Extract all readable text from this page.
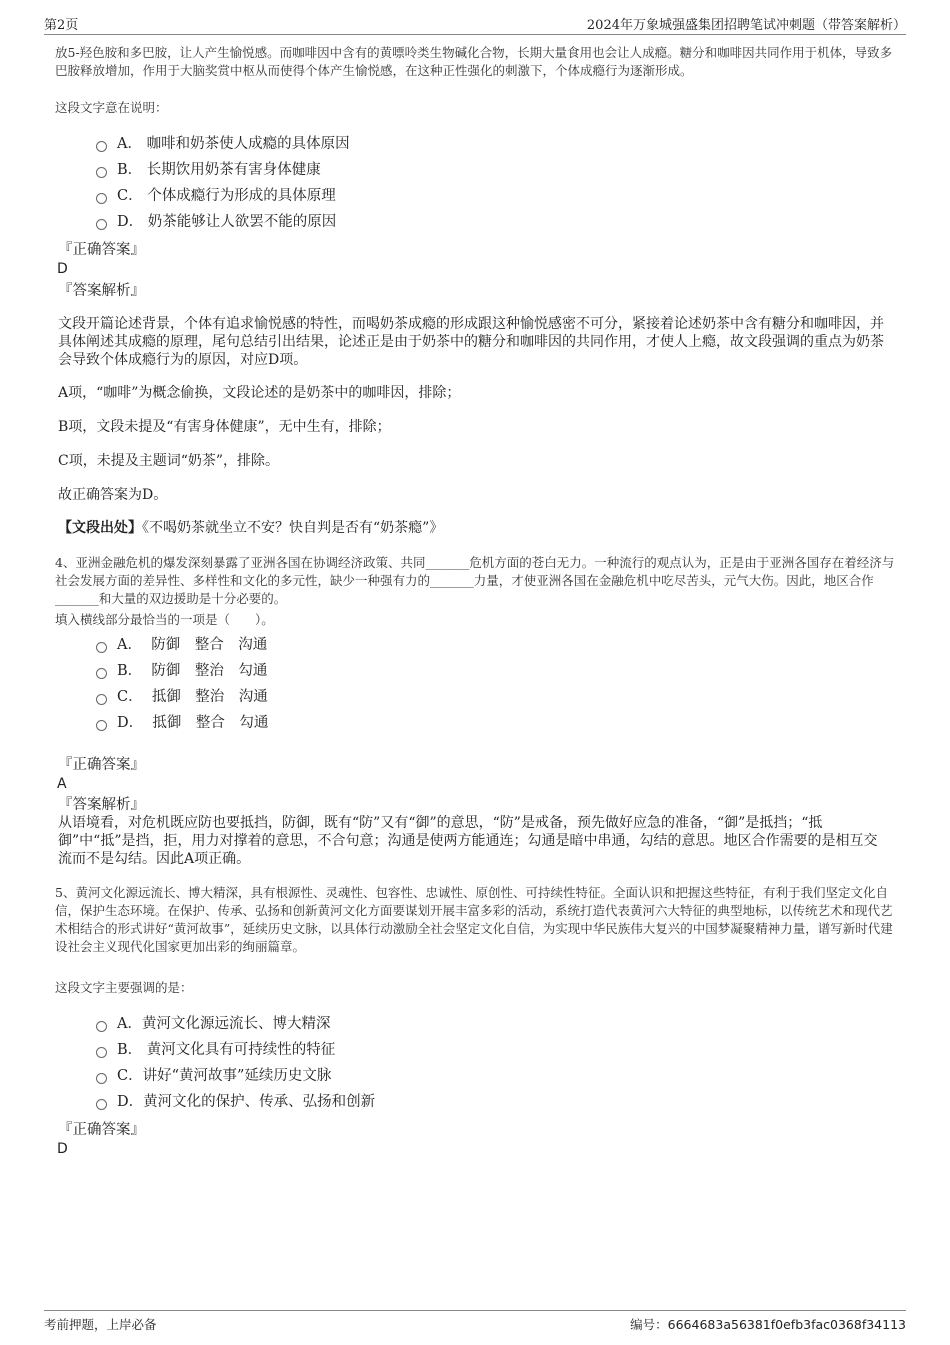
第2页	2024年万象城强盛集团招聘笔试冲刺题（带答案解析）
放5-羟色胺和多巴胺，让人产生愉悦感。而咖啡因中含有的黄嘌呤类生物碱化合物，长期大量食用也会让人成瘾。糖分和咖啡因共同作用于机体，导致多巴胺释放增加，作用于大脑奖赏中枢从而使得个体产生愉悦感，在这种正性强化的刺激下，个体成瘾行为逐渐形成。
这段文字意在说明：
A． 咖啡和奶茶使人成瘾的具体原因
B． 长期饮用奶茶有害身体健康
C． 个体成瘾行为形成的具体原理
D． 奶茶能够让人欲罢不能的原因
『正确答案』
D
『答案解析』
文段开篇论述背景，个体有追求愉悦感的特性，而喝奶茶成瘾的形成跟这种愉悦感密不可分，紧接着论述奶茶中含有糖分和咖啡因，并具体阐述其成瘾的原理，尾句总结引出结果，论述正是由于奶茶中的糖分和咖啡因的共同作用，才使人上瘾，故文段强调的重点为奶茶会导致个体成瘾行为的原因，对应D项。
A项，“咖啡”为概念偷换，文段论述的是奶茶中的咖啡因，排除；
B项，文段未提及“有害身体健康”，无中生有，排除；
C项，未提及主题词“奶茶”，排除。
故正确答案为D。
【文段出处】《不喝奶茶就坐立不安？快自判是否有“奶茶瘾”》
4、亚洲金融危机的爆发深刻暴露了亚洲各国在协调经济政策、共同_______危机方面的苍白无力。一种流行的观点认为，正是由于亚洲各国存在着经济与社会发展方面的差异性、多样性和文化的多元性，缺少一种强有力的_______力量，才使亚洲各国在金融危机中吃尽苦头，元气大伤。因此，地区合作_______和大量的双边援助是十分必要的。
填入横线部分最恰当的一项是（　　）。
A．  防御　整合　沟通
B．  防御　整治　勾通
C．  抵御　整治　沟通
D．  抵御　整合　勾通
『正确答案』
A
『答案解析』
从语境看，对危机既应防也要抵挡，防御，既有“防”又有“御”的意思，“防”是戒备，预先做好应急的准备，“御”是抵挡；“抵御”中“抵”是挡，拒，用力对撑着的意思，不合句意；沟通是使两方能通连；勾通是暗中串通，勾结的意思。地区合作需要的是相互交流而不是勾结。因此A项正确。
5、黄河文化源远流长、博大精深，具有根源性、灵魂性、包容性、忠诚性、原创性、可持续性特征。全面认识和把握这些特征，有利于我们坚定文化自信，保护生态环境。在保护、传承、弘扬和创新黄河文化方面要谋划开展丰富多彩的活动，系统打造代表黄河六大特征的典型地标，以传统艺术和现代艺术相结合的形式讲好“黄河故事”，延续历史文脉，以具体行动激励全社会坚定文化自信，为实现中华民族伟大复兴的中国梦凝聚精神力量，谱写新时代建设社会主义现代化国家更加出彩的绚丽篇章。
这段文字主要强调的是：
A．黄河文化源远流长、博大精深
B． 黄河文化具有可持续性的特征
C．讲好“黄河故事”延续历史文脉
D．黄河文化的保护、传承、弘扬和创新
『正确答案』
D
考前押题，上岸必备	编号：6664683a56381f0efb3fac0368f34113
